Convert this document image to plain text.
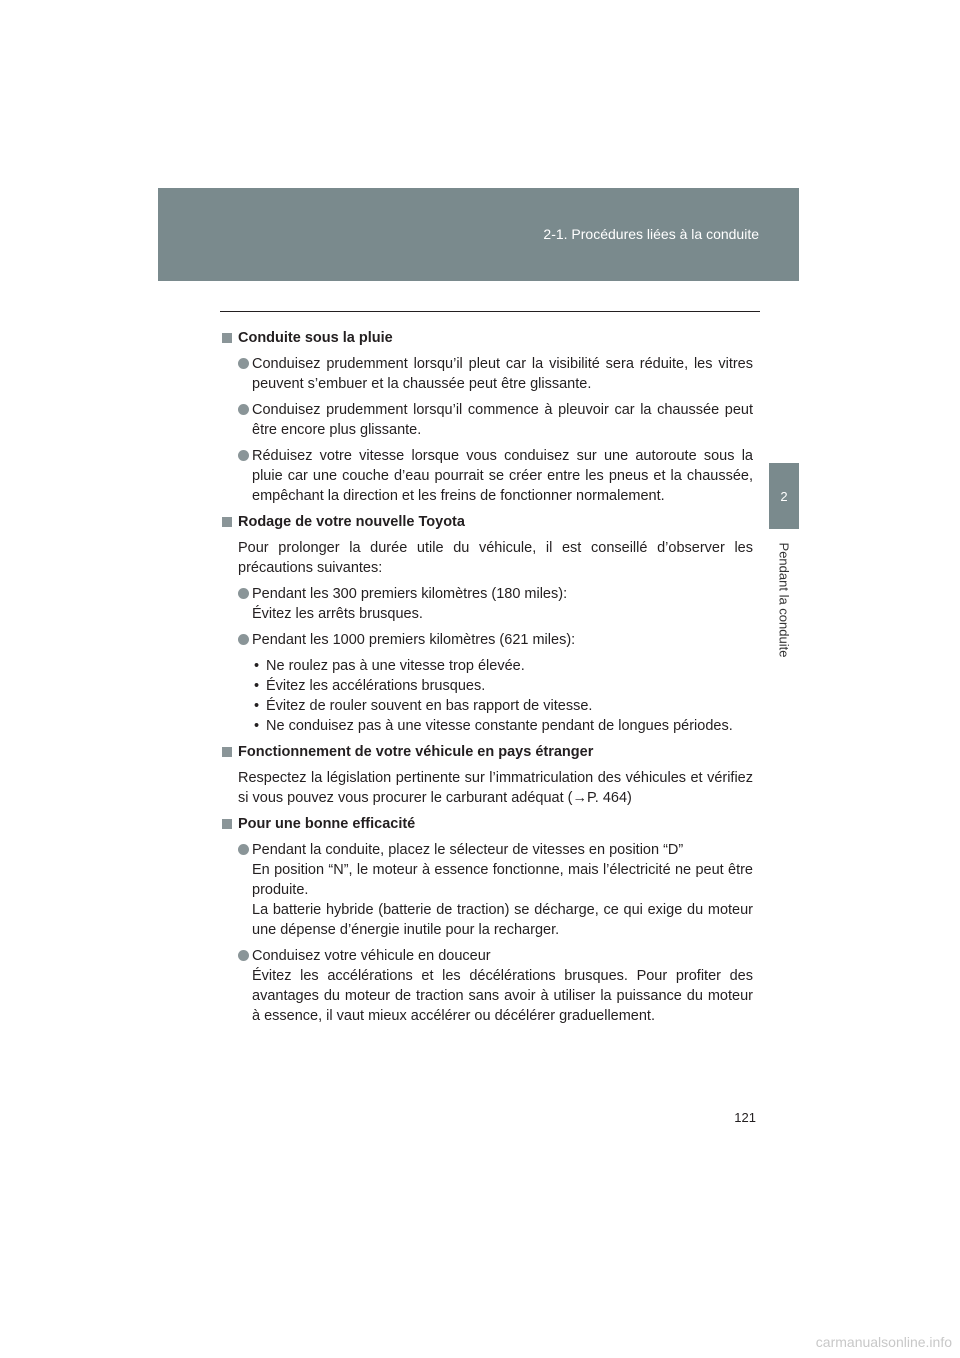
2-1. Procédures liées à la conduite
2
Pendant la conduite
Conduite sous la pluie
Conduisez prudemment lorsqu’il pleut car la visibilité sera réduite, les vitres peuvent s’embuer et la chaussée peut être glissante.
Conduisez prudemment lorsqu’il commence à pleuvoir car la chaussée peut être encore plus glissante.
Réduisez votre vitesse lorsque vous conduisez sur une autoroute sous la pluie car une couche d’eau pourrait se créer entre les pneus et la chaussée, empêchant la direction et les freins de fonctionner normalement.
Rodage de votre nouvelle Toyota
Pour prolonger la durée utile du véhicule, il est conseillé d’observer les précautions suivantes:
Pendant les 300 premiers kilomètres (180 miles):
Évitez les arrêts brusques.
Pendant les 1000 premiers kilomètres (621 miles):
• Ne roulez pas à une vitesse trop élevée.
• Évitez les accélérations brusques.
• Évitez de rouler souvent en bas rapport de vitesse.
• Ne conduisez pas à une vitesse constante pendant de longues périodes.
Fonctionnement de votre véhicule en pays étranger
Respectez la législation pertinente sur l’immatriculation des véhicules et vérifiez si vous pouvez vous procurer le carburant adéquat (→P. 464)
Pour une bonne efficacité
Pendant la conduite, placez le sélecteur de vitesses en position “D”
En position “N”, le moteur à essence fonctionne, mais l’électricité ne peut être produite.
La batterie hybride (batterie de traction) se décharge, ce qui exige du moteur une dépense d’énergie inutile pour la recharger.
Conduisez votre véhicule en douceur
Évitez les accélérations et les décélérations brusques. Pour profiter des avantages du moteur de traction sans avoir à utiliser la puissance du moteur à essence, il vaut mieux accélérer ou décélérer graduellement.
121
carmanualsonline.info
